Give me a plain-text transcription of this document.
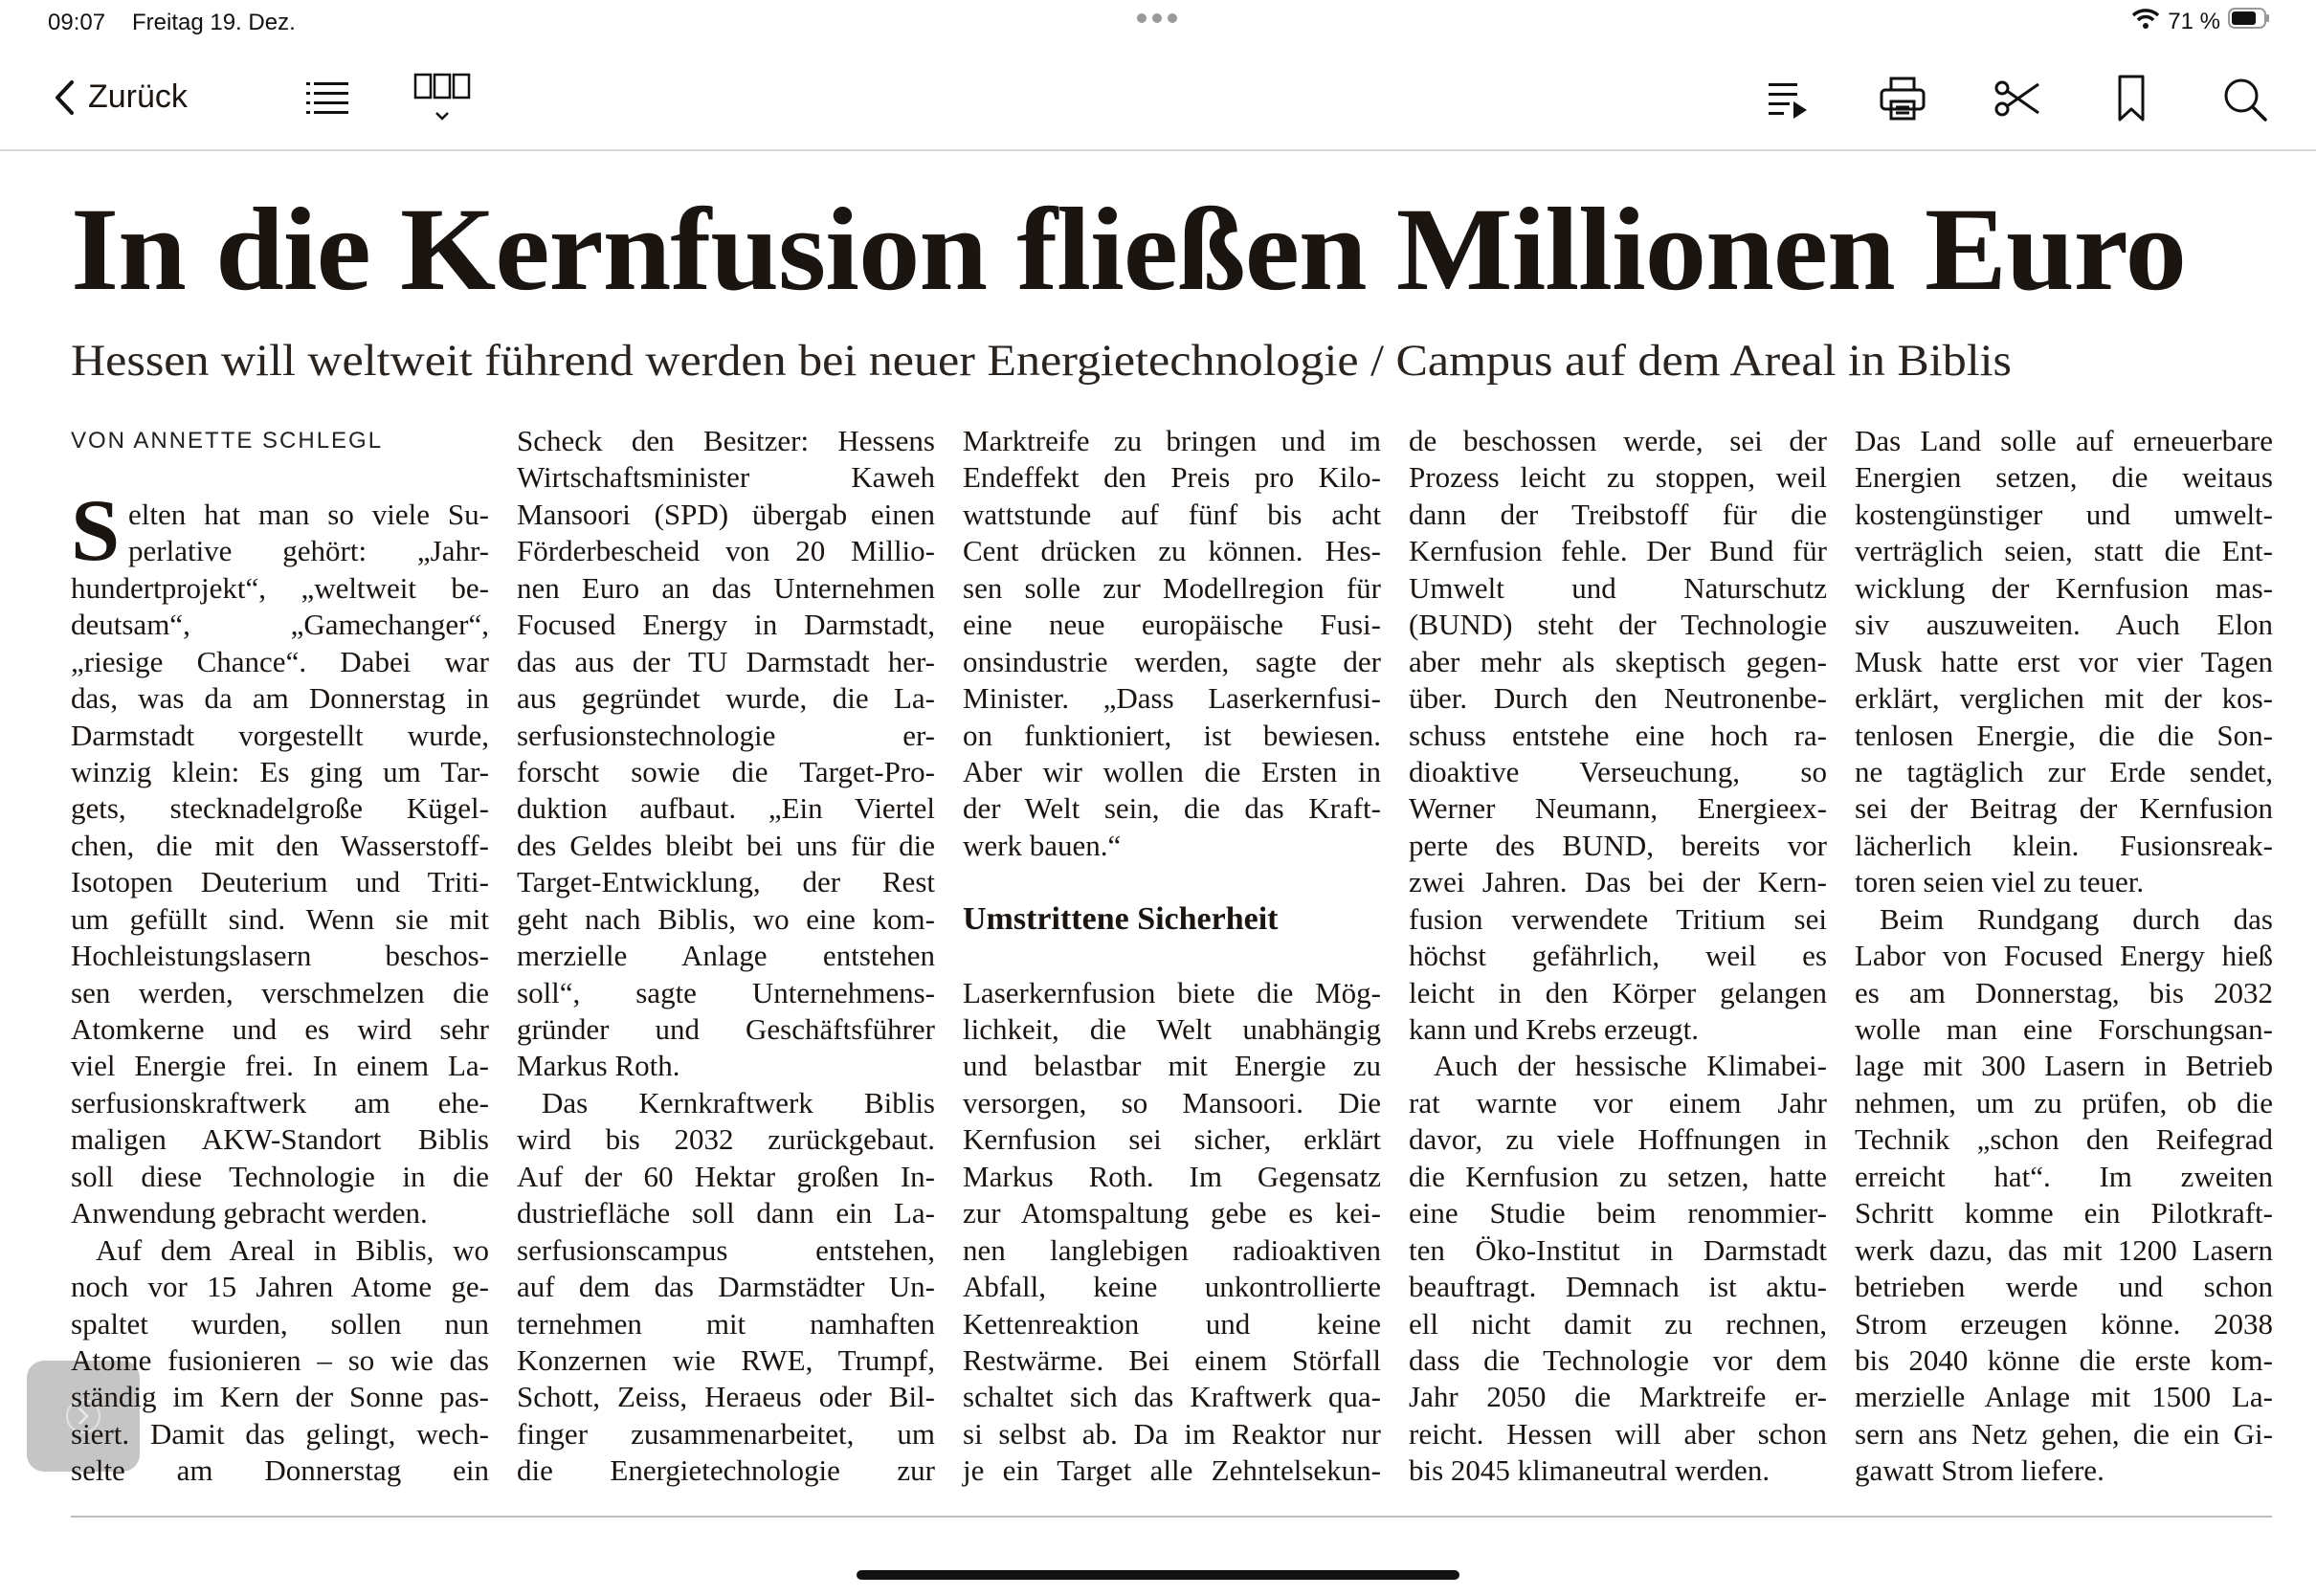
09:07 Freitag 19. Dez.	71 %
Zurück
In die Kernfusion fließen Millionen Euro
Hessen will weltweit führend werden bei neuer Energietechnologie / Campus auf dem Areal in Biblis
VON ANNETTE SCHLEGL
S elten hat man so viele Su-
perlative gehört: „Jahr-
hundertprojekt“, „weltweit be-
deutsam“, „Gamechanger“,
„riesige Chance“. Dabei war
das, was da am Donnerstag in
Darmstadt vorgestellt wurde,
winzig klein: Es ging um Tar-
gets, stecknadelgroße Kügel-
chen, die mit den Wasserstoff-
Isotopen Deuterium und Triti-
um gefüllt sind. Wenn sie mit
Hochleistungslasern beschos-
sen werden, verschmelzen die
Atomkerne und es wird sehr
viel Energie frei. In einem La-
serfusionskraftwerk am ehe-
maligen AKW-Standort Biblis
soll diese Technologie in die
Anwendung gebracht werden.
Auf dem Areal in Biblis, wo
noch vor 15 Jahren Atome ge-
spaltet wurden, sollen nun
Atome fusionieren – so wie das
ständig im Kern der Sonne pas-
siert. Damit das gelingt, wech-
selte am Donnerstag ein
Scheck den Besitzer: Hessens
Wirtschaftsminister Kaweh
Mansoori (SPD) übergab einen
Förderbescheid von 20 Millio-
nen Euro an das Unternehmen
Focused Energy in Darmstadt,
das aus der TU Darmstadt her-
aus gegründet wurde, die La-
serfusionstechnologie er-
forscht sowie die Target-Pro-
duktion aufbaut. „Ein Viertel
des Geldes bleibt bei uns für die
Target-Entwicklung, der Rest
geht nach Biblis, wo eine kom-
merzielle Anlage entstehen
soll“, sagte Unternehmens-
gründer und Geschäftsführer
Markus Roth.
Das Kernkraftwerk Biblis
wird bis 2032 zurückgebaut.
Auf der 60 Hektar großen In-
dustriefläche soll dann ein La-
serfusionscampus entstehen,
auf dem das Darmstädter Un-
ternehmen mit namhaften
Konzernen wie RWE, Trumpf,
Schott, Zeiss, Heraeus oder Bil-
finger zusammenarbeitet, um
die Energietechnologie zur
Marktreife zu bringen und im
Endeffekt den Preis pro Kilo-
wattstunde auf fünf bis acht
Cent drücken zu können. Hes-
sen solle zur Modellregion für
eine neue europäische Fusi-
onsindustrie werden, sagte der
Minister. „Dass Laserkernfusi-
on funktioniert, ist bewiesen.
Aber wir wollen die Ersten in
der Welt sein, die das Kraft-
werk bauen.“
Umstrittene Sicherheit
Laserkernfusion biete die Mög-
lichkeit, die Welt unabhängig
und belastbar mit Energie zu
versorgen, so Mansoori. Die
Kernfusion sei sicher, erklärt
Markus Roth. Im Gegensatz
zur Atomspaltung gebe es kei-
nen langlebigen radioaktiven
Abfall, keine unkontrollierte
Kettenreaktion und keine
Restwärme. Bei einem Störfall
schaltet sich das Kraftwerk qua-
si selbst ab. Da im Reaktor nur
je ein Target alle Zehntelsekun-
de beschossen werde, sei der
Prozess leicht zu stoppen, weil
dann der Treibstoff für die
Kernfusion fehle. Der Bund für
Umwelt und Naturschutz
(BUND) steht der Technologie
aber mehr als skeptisch gegen-
über. Durch den Neutronenbe-
schuss entstehe eine hoch ra-
dioaktive Verseuchung, so
Werner Neumann, Energieex-
perte des BUND, bereits vor
zwei Jahren. Das bei der Kern-
fusion verwendete Tritium sei
höchst gefährlich, weil es
leicht in den Körper gelangen
kann und Krebs erzeugt.
Auch der hessische Klimabei-
rat warnte vor einem Jahr
davor, zu viele Hoffnungen in
die Kernfusion zu setzen, hatte
eine Studie beim renommier-
ten Öko-Institut in Darmstadt
beauftragt. Demnach ist aktu-
ell nicht damit zu rechnen,
dass die Technologie vor dem
Jahr 2050 die Marktreife er-
reicht. Hessen will aber schon
bis 2045 klimaneutral werden.
Das Land solle auf erneuerbare
Energien setzen, die weitaus
kostengünstiger und umwelt-
verträglich seien, statt die Ent-
wicklung der Kernfusion mas-
siv auszuweiten. Auch Elon
Musk hatte erst vor vier Tagen
erklärt, verglichen mit der kos-
tenlosen Energie, die die Son-
ne tagtäglich zur Erde sendet,
sei der Beitrag der Kernfusion
lächerlich klein. Fusionsreak-
toren seien viel zu teuer.
Beim Rundgang durch das
Labor von Focused Energy hieß
es am Donnerstag, bis 2032
wolle man eine Forschungsan-
lage mit 300 Lasern in Betrieb
nehmen, um zu prüfen, ob die
Technik „schon den Reifegrad
erreicht hat“. Im zweiten
Schritt komme ein Pilotkraft-
werk dazu, das mit 1200 Lasern
betrieben werde und schon
Strom erzeugen könne. 2038
bis 2040 könne die erste kom-
merzielle Anlage mit 1500 La-
sern ans Netz gehen, die ein Gi-
gawatt Strom liefere.
